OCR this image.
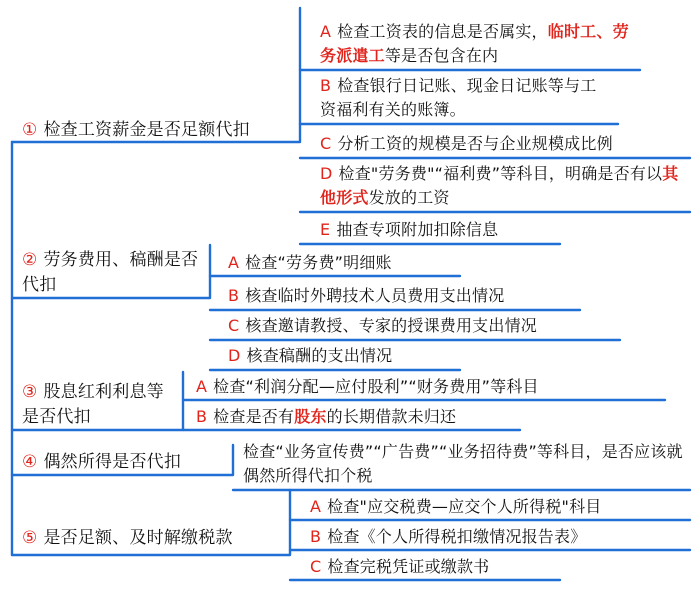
① 检查工资薪金是否足额代扣
A 检查工资表的信息是否属实，临时工、劳务派遣工等是否包含在内
B 检查银行日记账、现金日记账等与工资福利有关的账簿。
C 分析工资的规模是否与企业规模成比例
D 检查"劳务费"“福利费”等科目，明确是否有以其他形式发放的工资
E 抽查专项附加扣除信息
② 劳务费用、稿酬是否代扣
A 检查“劳务费”明细账
B 核查临时外聘技术人员费用支出情况
C 核查邀请教授、专家的授课费用支出情况
D 核查稿酬的支出情况
③ 股息红利利息等是否代扣
A 检查“利润分配—应付股利”“财务费用”等科目
B 检查是否有股东的长期借款未归还
④ 偶然所得是否代扣
检查“业务宣传费”“广告费”“业务招待费”等科目，是否应该就偶然所得代扣个税
⑤ 是否足额、及时解缴税款
A 检查"应交税费—应交个人所得税"科目
B 检查《个人所得税扣缴情况报告表》
C 检查完税凭证或缴款书
